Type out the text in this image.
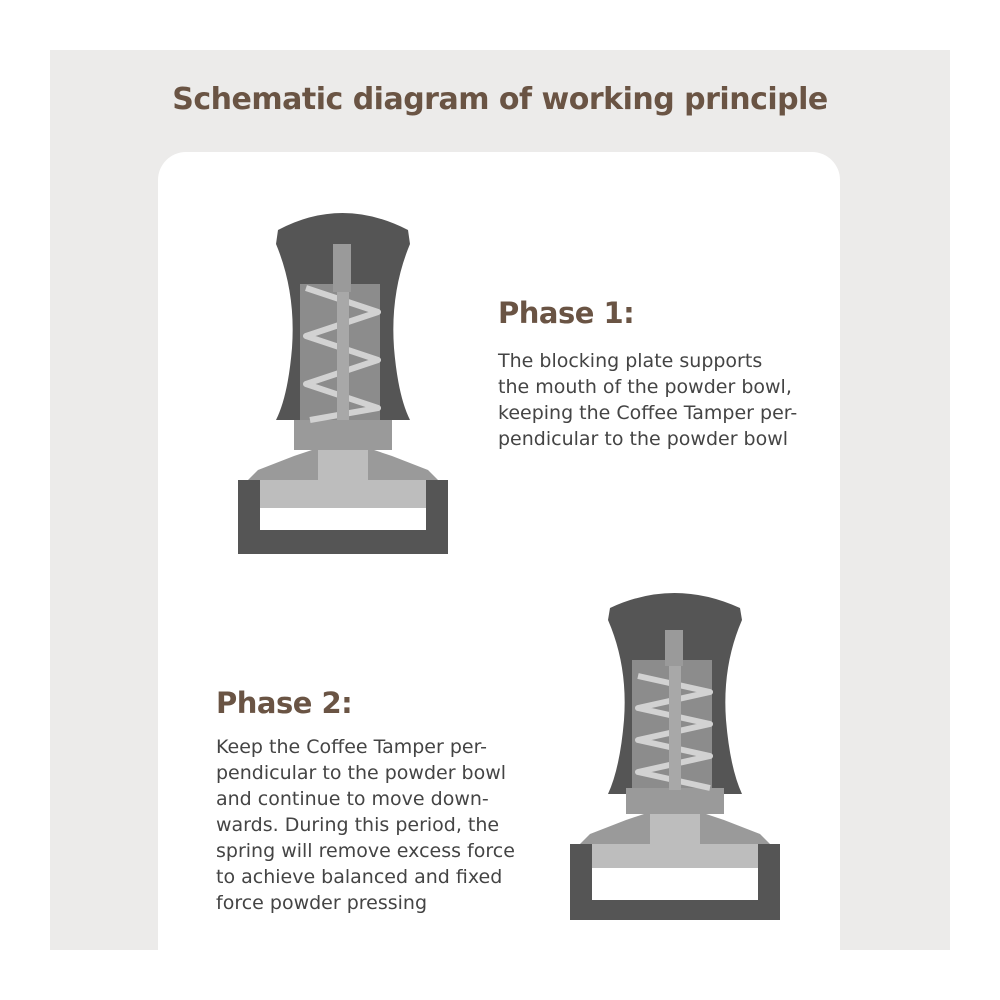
Schematic diagram of working principle
Phase 1:
The blocking plate supports
the mouth of the powder bowl,
keeping the Coffee Tamper per-
pendicular to the powder bowl
Phase 2:
Keep the Coffee Tamper per-
pendicular to the powder bowl
and continue to move down-
wards. During this period, the
spring will remove excess force
to achieve balanced and fixed
force powder pressing
